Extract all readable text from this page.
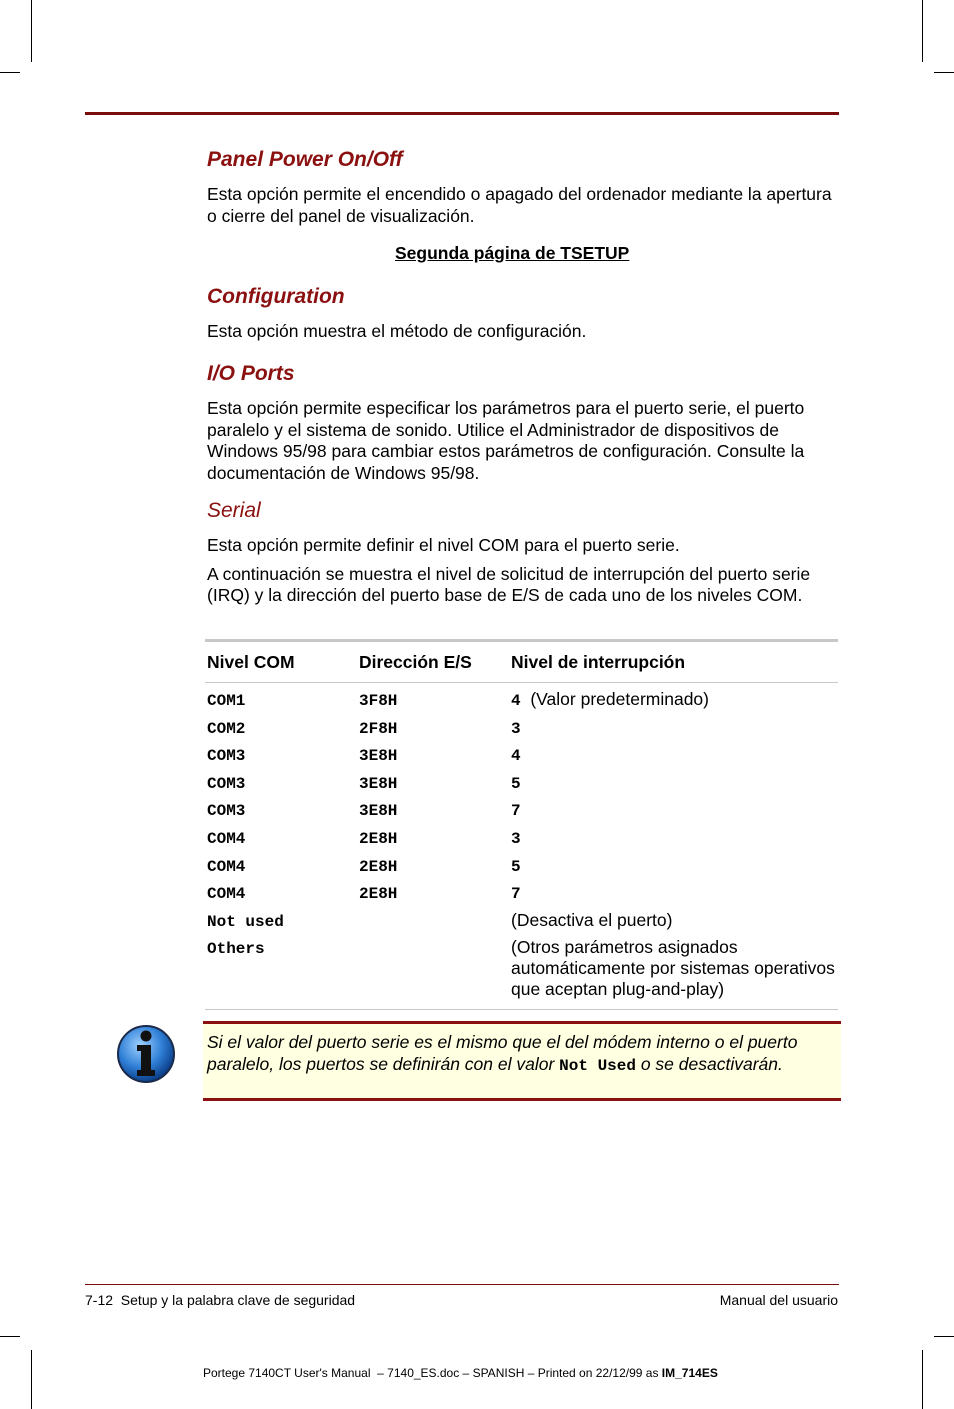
Panel Power On/Off

Esta opción permite el encendido o apagado del ordenador mediante la apertura o cierre del panel de visualización.

Segunda página de TSETUP
Configuration

Esta opción muestra el método de configuración.

I/O Ports

Esta opción permite especificar los parámetros para el puerto serie, el puerto paralelo y el sistema de sonido. Utilice el Administrador de dispositivos de Windows 95/98 para cambiar estos parámetros de configuración. Consulte la documentación de Windows 95/98.

Serial

Esta opción permite definir el nivel COM para el puerto serie.

A continuación se muestra el nivel de solicitud de interrupción del puerto serie (IRQ) y la dirección del puerto base de E/S de cada uno de los niveles COM.

Nivel COM	Dirección E/S	Nivel de interrupción
COM1	3F8H	4 (Valor predeterminado)
COM2	2F8H	3
COM3	3E8H	4
COM3	3E8H	5
COM3	3E8H	7
COM4	2E8H	3
COM4	2E8H	5
COM4	2E8H	7
Not used		(Desactiva el puerto)
Others		(Otros parámetros asignados automáticamente por sistemas operativos que aceptan plug-and-play)
Si el valor del puerto serie es el mismo que el del módem interno o el puerto paralelo, los puertos se definirán con el valor Not Used o se desactivarán.
7-12  Setup y la palabra clave de seguridad	Manual del usuario
Portege 7140CT User's Manual  – 7140_ES.doc – SPANISH – Printed on 22/12/99 as IM_714ES
